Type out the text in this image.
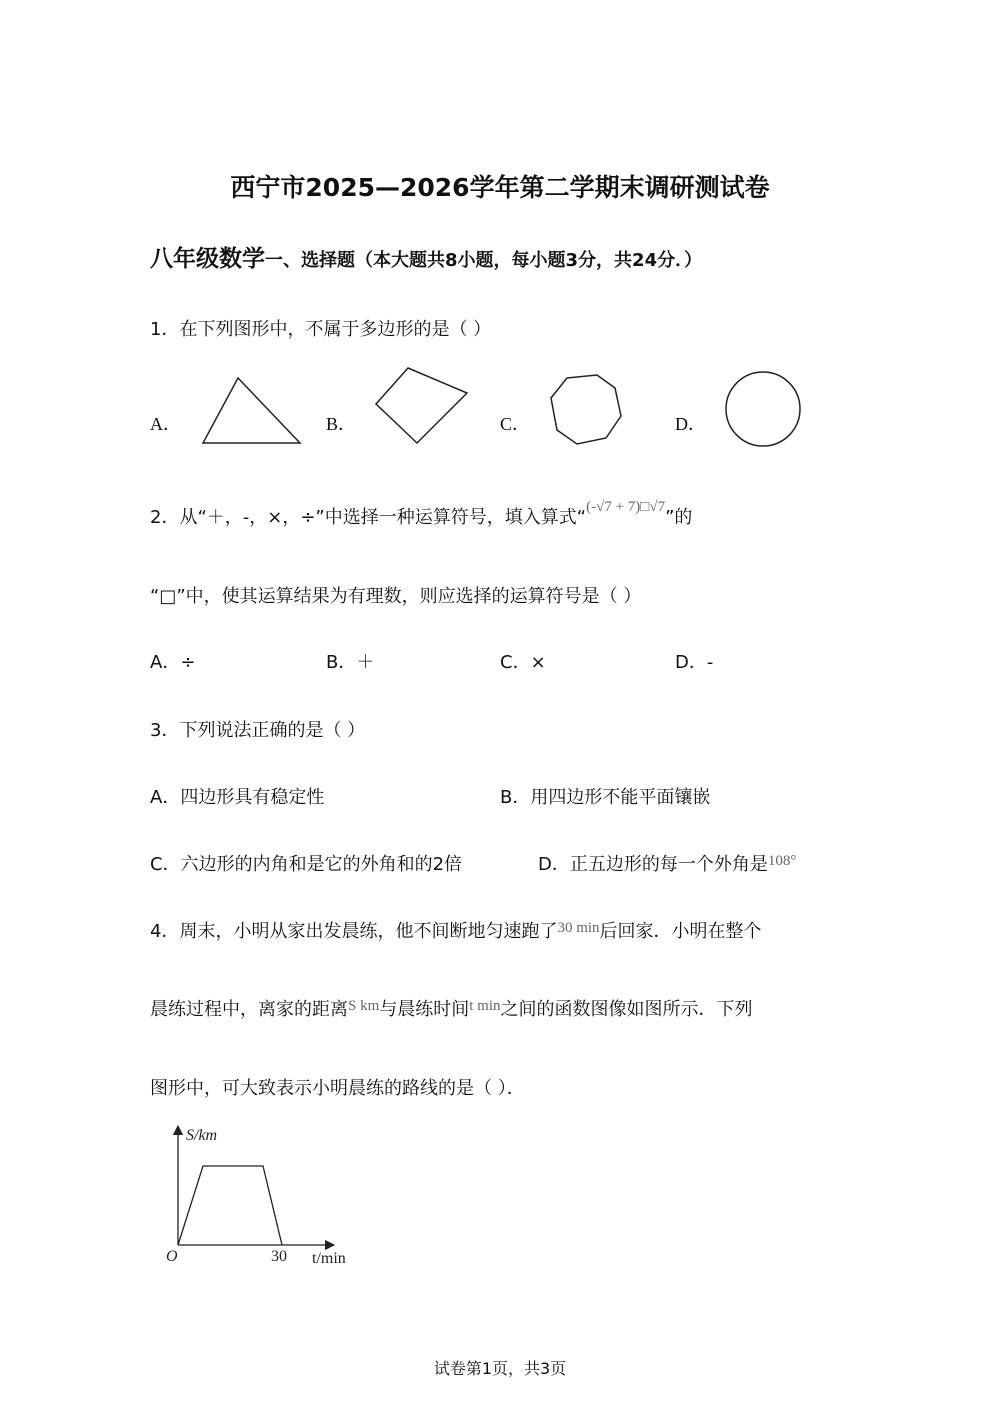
西宁市2025—2026学年第二学期末调研测试卷
八年级数学一、选择题（本大题共8小题，每小题3分，共24分．）
1．在下列图形中，不属于多边形的是（ ）
A．	B．	C．	D．
2．从“＋，-，×，÷”中选择一种运算符号，填入算式“$^{(-√7 + 7)□√7}$”的
“□”中，使其运算结果为有理数，则应选择的运算符号是（ ）
A．÷	B．＋	C．×	D．-
3．下列说法正确的是（ ）
A．四边形具有稳定性	B．用四边形不能平面镶嵌
C．六边形的内角和是它的外角和的2倍	D．正五边形的每一个外角是$^{108^\circ}$
4．周末，小明从家出发晨练，他不间断地匀速跑了$^{30 min}$后回家．小明在整个
晨练过程中，离家的距离$^{S km}$与晨练时间$^{t min}$之间的函数图像如图所示．下列
图形中，可大致表示小明晨练的路线的是（ ）．
S/km
O	30 t/min
试卷第1页，共3页
